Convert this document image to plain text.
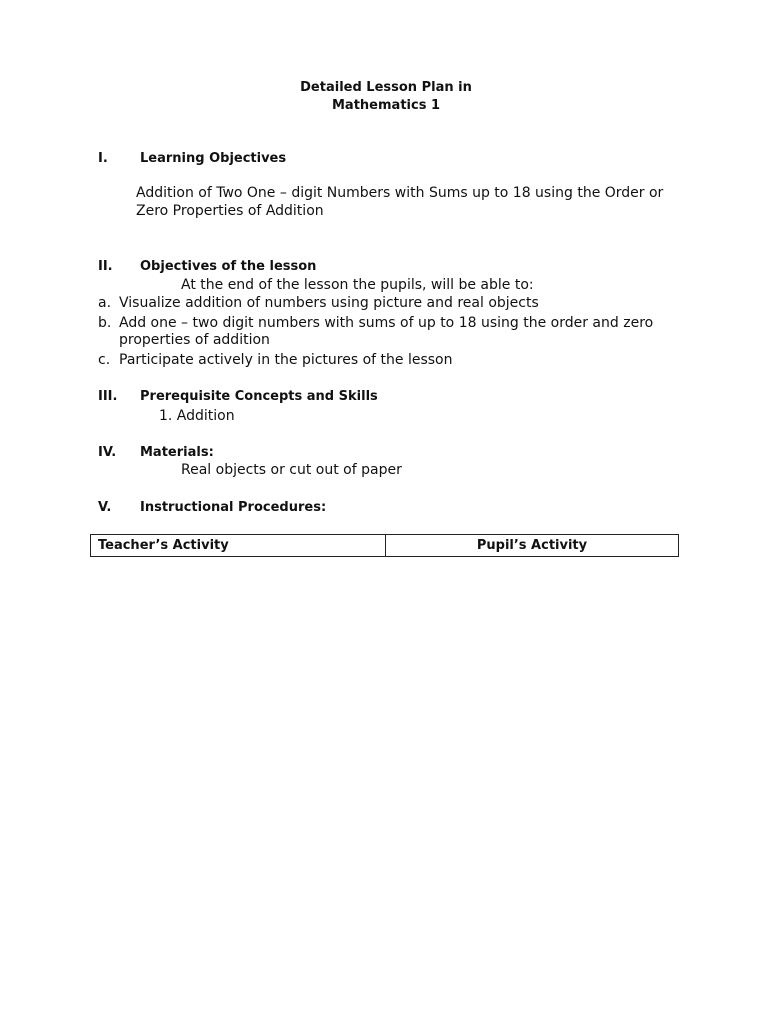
Detailed Lesson Plan in
Mathematics 1
I. Learning Objectives
Addition of Two One – digit Numbers with Sums up to 18 using the Order or
Zero Properties of Addition
II. Objectives of the lesson
At the end of the lesson the pupils, will be able to:
a. Visualize addition of numbers using picture and real objects
b. Add one – two digit numbers with sums of up to 18 using the order and zero
properties of addition
c. Participate actively in the pictures of the lesson
III. Prerequisite Concepts and Skills
1. Addition
IV. Materials:
Real objects or cut out of paper
V. Instructional Procedures:
Teacher’s Activity	Pupil’s Activity
